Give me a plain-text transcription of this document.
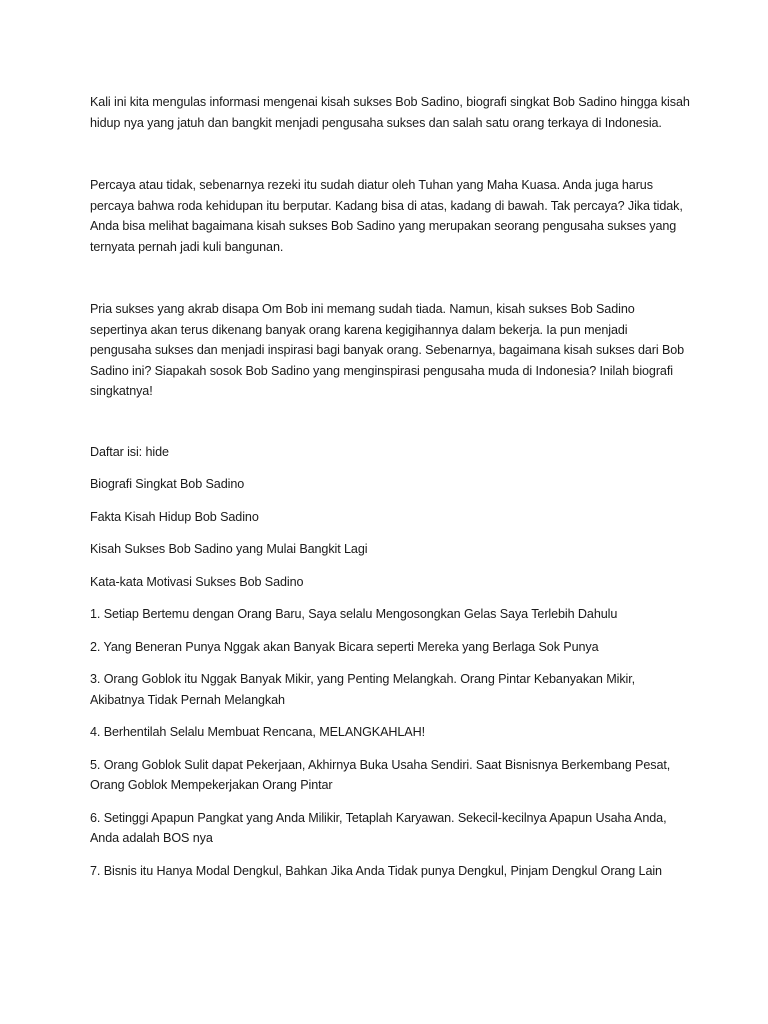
Kali ini kita mengulas informasi mengenai kisah sukses Bob Sadino, biografi singkat Bob Sadino hingga kisah hidup nya yang jatuh dan bangkit menjadi pengusaha sukses dan salah satu orang terkaya di Indonesia.

Percaya atau tidak, sebenarnya rezeki itu sudah diatur oleh Tuhan yang Maha Kuasa. Anda juga harus percaya bahwa roda kehidupan itu berputar. Kadang bisa di atas, kadang di bawah. Tak percaya? Jika tidak, Anda bisa melihat bagaimana kisah sukses Bob Sadino yang merupakan seorang pengusaha sukses yang ternyata pernah jadi kuli bangunan.

Pria sukses yang akrab disapa Om Bob ini memang sudah tiada. Namun, kisah sukses Bob Sadino sepertinya akan terus dikenang banyak orang karena kegigihannya dalam bekerja. Ia pun menjadi pengusaha sukses dan menjadi inspirasi bagi banyak orang. Sebenarnya, bagaimana kisah sukses dari Bob Sadino ini? Siapakah sosok Bob Sadino yang menginspirasi pengusaha muda di Indonesia? Inilah biografi singkatnya!

Daftar isi: hide

Biografi Singkat Bob Sadino

Fakta Kisah Hidup Bob Sadino

Kisah Sukses Bob Sadino yang Mulai Bangkit Lagi

Kata-kata Motivasi Sukses Bob Sadino

1. Setiap Bertemu dengan Orang Baru, Saya selalu Mengosongkan Gelas Saya Terlebih Dahulu

2. Yang Beneran Punya Nggak akan Banyak Bicara seperti Mereka yang Berlaga Sok Punya

3. Orang Goblok itu Nggak Banyak Mikir, yang Penting Melangkah. Orang Pintar Kebanyakan Mikir, Akibatnya Tidak Pernah Melangkah

4. Berhentilah Selalu Membuat Rencana, MELANGKAHLAH!

5. Orang Goblok Sulit dapat Pekerjaan, Akhirnya Buka Usaha Sendiri. Saat Bisnisnya Berkembang Pesat, Orang Goblok Mempekerjakan Orang Pintar

6. Setinggi Apapun Pangkat yang Anda Milikir, Tetaplah Karyawan. Sekecil-kecilnya Apapun Usaha Anda, Anda adalah BOS nya

7. Bisnis itu Hanya Modal Dengkul, Bahkan Jika Anda Tidak punya Dengkul, Pinjam Dengkul Orang Lain
